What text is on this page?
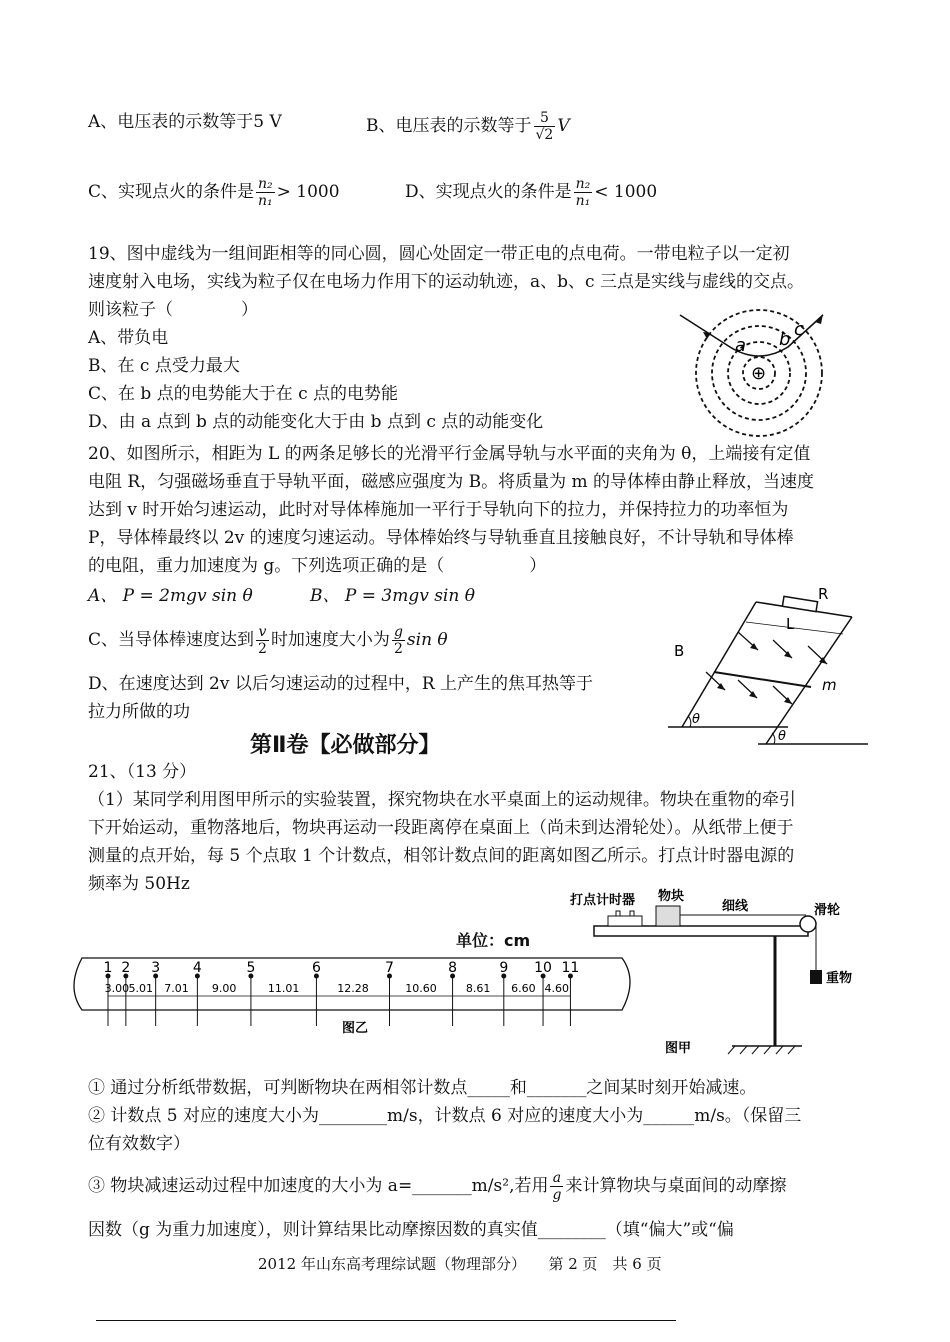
A、电压表的示数等于5 V	B、电压表的示数等于 $\frac{5}{√2}$ V
C、实现点火的条件是 $\frac{\text{n₂}}{\text{n₁}} > 1000$	D、实现点火的条件是 $\frac{\text{n₂}}{\text{n₁}} < 1000$
19、图中虚线为一组间距相等的同心圆，圆心处固定一带正电的点电荷。一带电粒子以一定初
速度射入电场，实线为粒子仅在电场力作用下的运动轨迹，a、b、c 三点是实线与虚线的交点。
则该粒子（　　　　）
A、带负电
B、在 c 点受力最大
C、在 b 点的电势能大于在 c 点的电势能
D、由 a 点到 b 点的动能变化大于由 b 点到 c 点的动能变化
⊕
a b c
20、如图所示，相距为 L 的两条足够长的光滑平行金属导轨与水平面的夹角为 θ，上端接有定值
电阻 R，匀强磁场垂直于导轨平面，磁感应强度为 B。将质量为 m 的导体棒由静止释放，当速度
达到 v 时开始匀速运动，此时对导体棒施加一平行于导轨向下的拉力，并保持拉力的功率恒为
P，导体棒最终以 2v 的速度匀速运动。导体棒始终与导轨垂直且接触良好，不计导轨和导体棒
的电阻，重力加速度为 g。下列选项正确的是（　　　　　）
A、 P = 2mgv sin θ	B、 P = 3mgv sin θ
C、当导体棒速度达到 $\frac{v}{2}$ 时加速度大小为 $\frac{g}{2}$ sin θ
D、在速度达到 2v 以后匀速运动的过程中，R 上产生的焦耳热等于
拉力所做的功
R
L
B
m
θ
θ
第Ⅱ卷【必做部分】
21、（13 分）
（1）某同学利用图甲所示的实验装置，探究物块在水平桌面上的运动规律。物块在重物的牵引
下开始运动，重物落地后，物块再运动一段距离停在桌面上（尚未到达滑轮处）。从纸带上便于
测量的点开始，每 5 个点取 1 个计数点，相邻计数点间的距离如图乙所示。打点计时器电源的
频率为 50Hz
打点计时器 物块
细线	滑轮
重物
图甲
单位：cm
1 2 3 4	5	6	7	8	9 10 11
3.00 5.01 7.01 9.00	11.01	12.28	10.60	8.61 6.60 4.60
图乙
① 通过分析纸带数据，可判断物块在两相邻计数点_____和_______之间某时刻开始减速。
② 计数点 5 对应的速度大小为________m/s，计数点 6 对应的速度大小为______m/s。（保留三
位有效数字）
③ 物块减速运动过程中加速度的大小为 a=_______m/s²,若用 $\frac{a}{g}$ 来计算物块与桌面间的动摩擦
因数（g 为重力加速度），则计算结果比动摩擦因数的真实值________（填“偏大”或“偏
2012 年山东高考理综试题（物理部分）　　第 2 页　共 6 页
